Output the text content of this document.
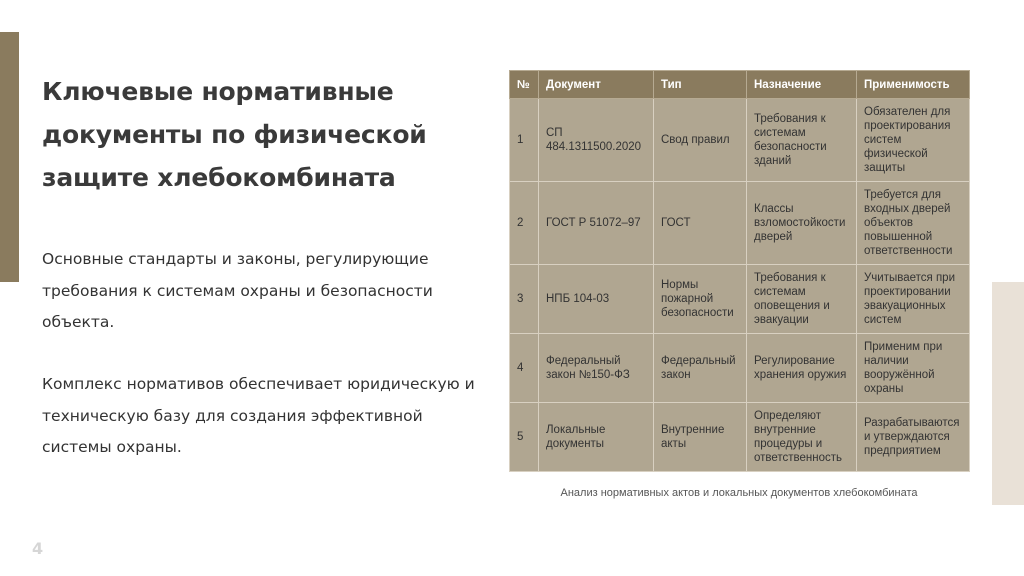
Ключевые нормативные документы по физической защите хлебокомбината

Основные стандарты и законы, регулирующие требования к системам охраны и безопасности объекта.

Комплекс нормативов обеспечивает юридическую и техническую базу для создания эффективной системы охраны.

№	Документ	Тип	Назначение	Применимость
1	СП 484.1311500.2020	Свод правил	Требования к системам безопасности зданий	Обязателен для проектирования систем физической защиты
2	ГОСТ Р 51072–97	ГОСТ	Классы взломостойкости дверей	Требуется для входных дверей объектов повышенной ответственности
3	НПБ 104-03	Нормы пожарной безопасности	Требования к системам оповещения и эвакуации	Учитывается при проектировании эвакуационных систем
4	Федеральный закон №150-ФЗ	Федеральный закон	Регулирование хранения оружия	Применим при наличии вооружённой охраны
5	Локальные документы	Внутренние акты	Определяют внутренние процедуры и ответственность	Разрабатываются и утверждаются предприятием
Анализ нормативных актов и локальных документов хлебокомбината
4
